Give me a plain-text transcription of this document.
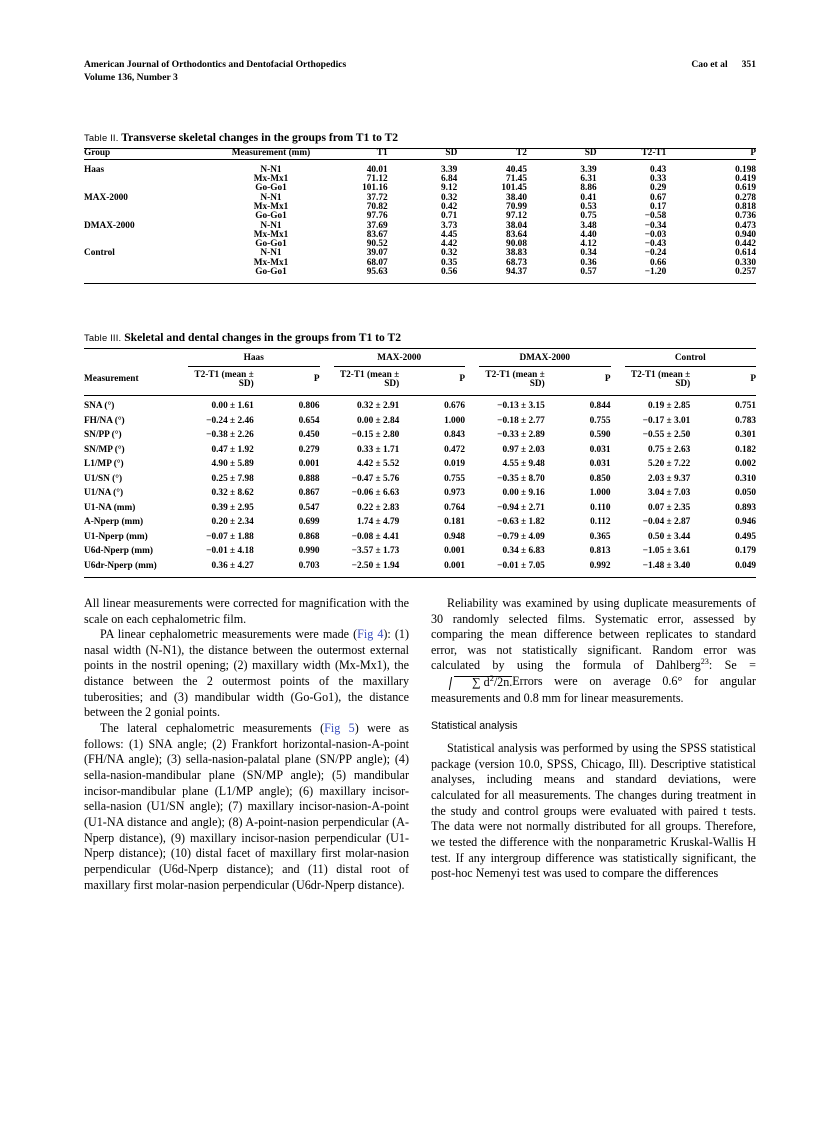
American Journal of Orthodontics and Dentofacial Orthopedics
Volume 136, Number 3
Cao et al 351
Table II. Transverse skeletal changes in the groups from T1 to T2
Group	Measurement (mm)	T1	SD	T2	SD	T2-T1	P
Haas	N-N1	40.01	3.39	40.45	3.39	0.43	0.198
	Mx-Mx1	71.12	6.84	71.45	6.31	0.33	0.419
	Go-Go1	101.16	9.12	101.45	8.86	0.29	0.619
MAX-2000	N-N1	37.72	0.32	38.40	0.41	0.67	0.278
	Mx-Mx1	70.82	0.42	70.99	0.53	0.17	0.818
	Go-Go1	97.76	0.71	97.12	0.75	−0.58	0.736
DMAX-2000	N-N1	37.69	3.73	38.04	3.48	−0.34	0.473
	Mx-Mx1	83.67	4.45	83.64	4.40	−0.03	0.940
	Go-Go1	90.52	4.42	90.08	4.12	−0.43	0.442
Control	N-N1	39.07	0.32	38.83	0.34	−0.24	0.614
	Mx-Mx1	68.07	0.35	68.73	0.36	0.66	0.330
	Go-Go1	95.63	0.56	94.37	0.57	−1.20	0.257
Table III. Skeletal and dental changes in the groups from T1 to T2
	Haas			MAX-2000			DMAX-2000			Control	
Measurement	T2-T1 (mean ± SD)	P		T2-T1 (mean ± SD)	P		T2-T1 (mean ± SD)	P		T2-T1 (mean ± SD)	P
SNA (°)	0.00 ± 1.61	0.806		0.32 ± 2.91	0.676		−0.13 ± 3.15	0.844		0.19 ± 2.85	0.751
FH/NA (°)	−0.24 ± 2.46	0.654		0.00 ± 2.84	1.000		−0.18 ± 2.77	0.755		−0.17 ± 3.01	0.783
SN/PP (°)	−0.38 ± 2.26	0.450		−0.15 ± 2.80	0.843		−0.33 ± 2.89	0.590		−0.55 ± 2.50	0.301
SN/MP (°)	0.47 ± 1.92	0.279		0.33 ± 1.71	0.472		0.97 ± 2.03	0.031		0.75 ± 2.63	0.182
L1/MP (°)	4.90 ± 5.89	0.001		4.42 ± 5.52	0.019		4.55 ± 9.48	0.031		5.20 ± 7.22	0.002
U1/SN (°)	0.25 ± 7.98	0.888		−0.47 ± 5.76	0.755		−0.35 ± 8.70	0.850		2.03 ± 9.37	0.310
U1/NA (°)	0.32 ± 8.62	0.867		−0.06 ± 6.63	0.973		0.00 ± 9.16	1.000		3.04 ± 7.03	0.050
U1-NA (mm)	0.39 ± 2.95	0.547		0.22 ± 2.83	0.764		−0.94 ± 2.71	0.110		0.07 ± 2.35	0.893
A-Nperp (mm)	0.20 ± 2.34	0.699		1.74 ± 4.79	0.181		−0.63 ± 1.82	0.112		−0.04 ± 2.87	0.946
U1-Nperp (mm)	−0.07 ± 1.88	0.868		−0.08 ± 4.41	0.948		−0.79 ± 4.09	0.365		0.50 ± 3.44	0.495
U6d-Nperp (mm)	−0.01 ± 4.18	0.990		−3.57 ± 1.73	0.001		0.34 ± 6.83	0.813		−1.05 ± 3.61	0.179
U6dr-Nperp (mm)	0.36 ± 4.27	0.703		−2.50 ± 1.94	0.001		−0.01 ± 7.05	0.992		−1.48 ± 3.40	0.049

All linear measurements were corrected for magnification with the scale on each cephalometric film.

PA linear cephalometric measurements were made (Fig 4): (1) nasal width (N-N1), the distance between the outermost external points in the nostril opening; (2) maxillary width (Mx-Mx1), the distance between the 2 outermost points of the maxillary tuberosities; and (3) mandibular width (Go-Go1), the distance between the 2 gonial points.

The lateral cephalometric measurements (Fig 5) were as follows: (1) SNA angle; (2) Frankfort horizontal-nasion-A-point (FH/NA angle); (3) sella-nasion-palatal plane (SN/PP angle); (4) sella-nasion-mandibular plane (SN/MP angle); (5) mandibular incisor-mandibular plane (L1/MP angle); (6) maxillary incisor-sella-nasion (U1/SN angle); (7) maxillary incisor-nasion-A-point (U1-NA distance and angle); (8) A-point-nasion perpendicular (A-Nperp distance), (9) maxillary incisor-nasion perpendicular (U1-Nperp distance); (10) distal facet of maxillary first molar-nasion perpendicular (U6d-Nperp distance); and (11) distal root of maxillary first molar-nasion perpendicular (U6dr-Nperp distance).

Reliability was examined by using duplicate measurements of 30 randomly selected films. Systematic error, assessed by comparing the mean difference between replicates to standard error, was not statistically significant. Random error was calculated by using the formula of Dahlberg$^{23}$: Se = ∑ $d^2/2n.Errors$ were on average 0.6° for angular measurements and 0.8 mm for linear measurements.

Statistical analysis

Statistical analysis was performed by using the SPSS statistical package (version 10.0, SPSS, Chicago, Ill). Descriptive statistical analyses, including means and standard deviations, were calculated for all measurements. The changes during treatment in the study and control groups were evaluated with paired t tests. The data were not normally distributed for all groups. Therefore, we tested the difference with the nonparametric Kruskal-Wallis H test. If any intergroup difference was statistically significant, the post-hoc Nemenyi test was used to compare the differences
